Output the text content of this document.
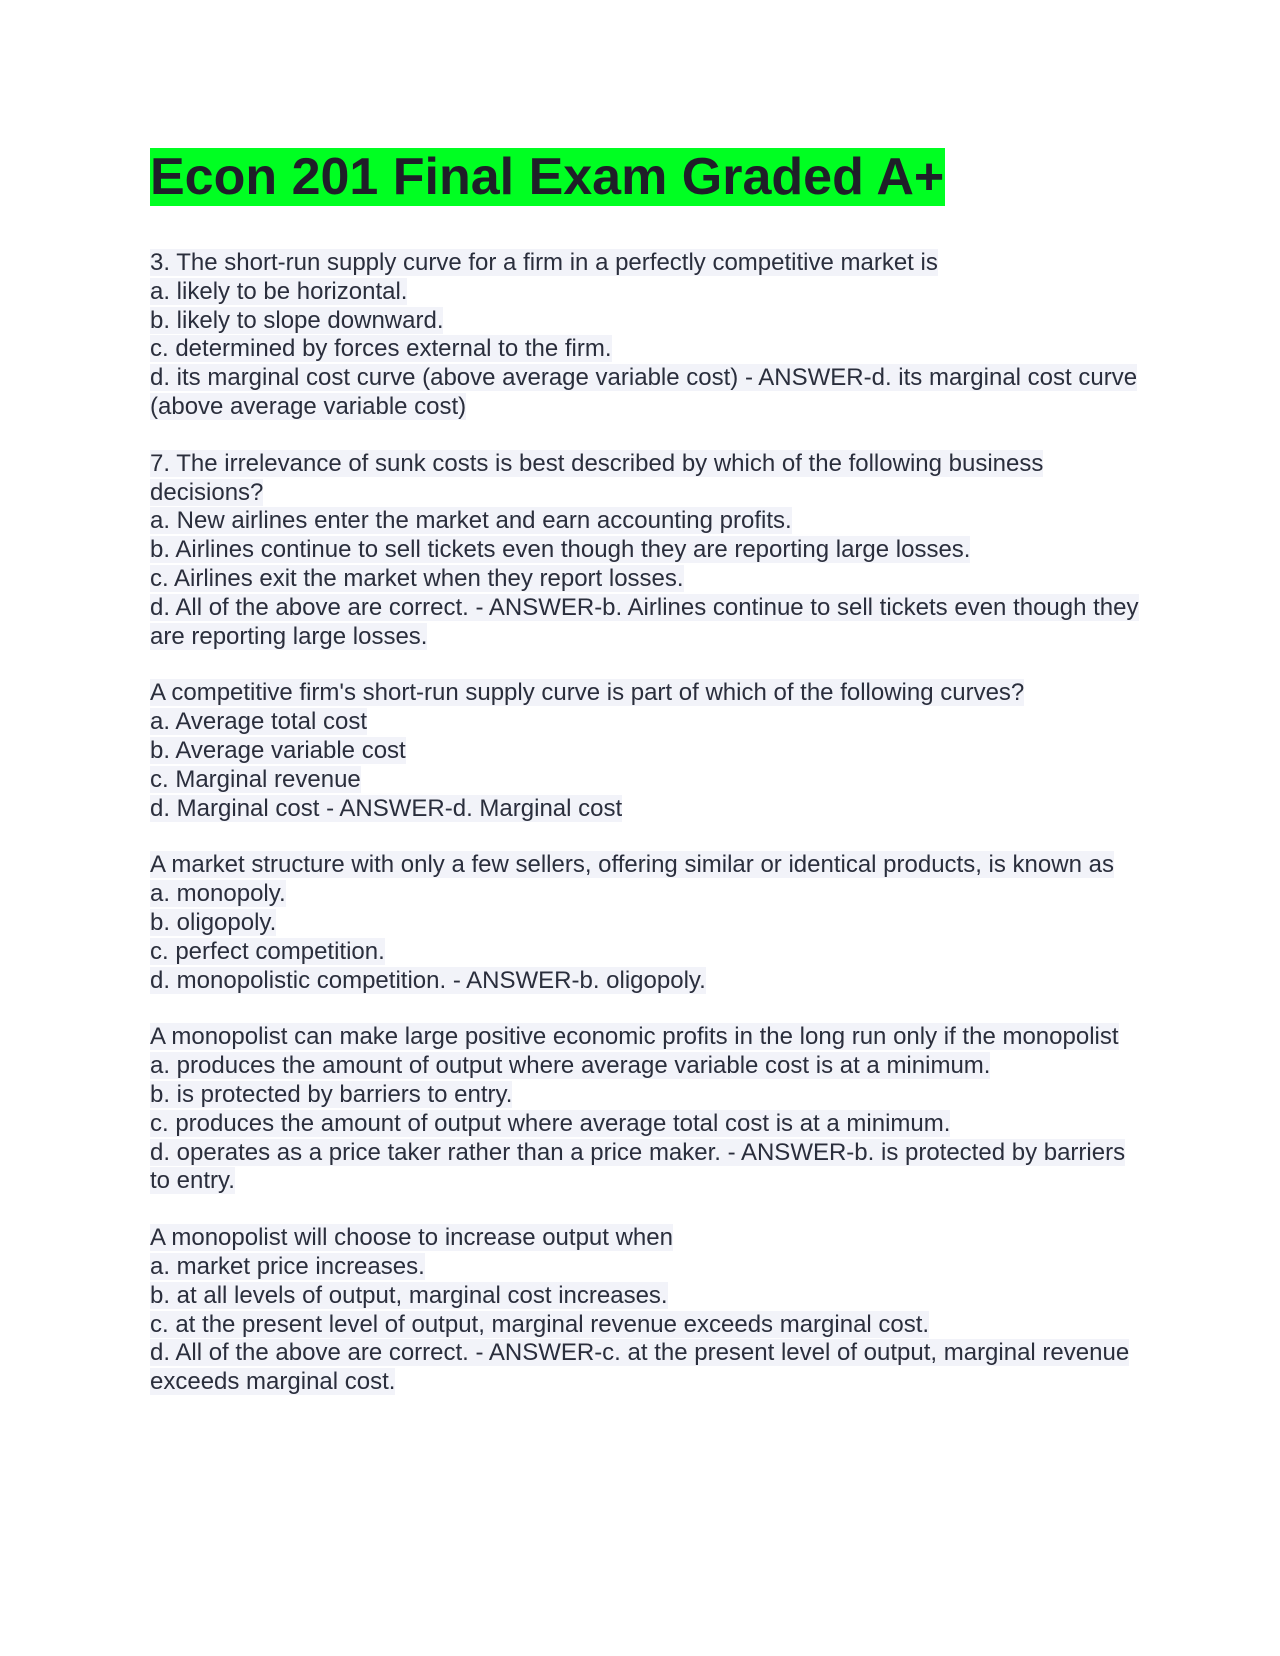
Econ 201 Final Exam Graded A+
3. The short-run supply curve for a firm in a perfectly competitive market is
a. likely to be horizontal.
b. likely to slope downward.
c. determined by forces external to the firm.
d. its marginal cost curve (above average variable cost) - ANSWER-d. its marginal cost curve (above average variable cost)
7. The irrelevance of sunk costs is best described by which of the following business decisions?
a. New airlines enter the market and earn accounting profits.
b. Airlines continue to sell tickets even though they are reporting large losses.
c. Airlines exit the market when they report losses.
d. All of the above are correct. - ANSWER-b. Airlines continue to sell tickets even though they are reporting large losses.
A competitive firm's short-run supply curve is part of which of the following curves?
a. Average total cost
b. Average variable cost
c. Marginal revenue
d. Marginal cost - ANSWER-d. Marginal cost
A market structure with only a few sellers, offering similar or identical products, is known as
a. monopoly.
b. oligopoly.
c. perfect competition.
d. monopolistic competition. - ANSWER-b. oligopoly.
A monopolist can make large positive economic profits in the long run only if the monopolist
a. produces the amount of output where average variable cost is at a minimum.
b. is protected by barriers to entry.
c. produces the amount of output where average total cost is at a minimum.
d. operates as a price taker rather than a price maker. - ANSWER-b. is protected by barriers to entry.
A monopolist will choose to increase output when
a. market price increases.
b. at all levels of output, marginal cost increases.
c. at the present level of output, marginal revenue exceeds marginal cost.
d. All of the above are correct. - ANSWER-c. at the present level of output, marginal revenue exceeds marginal cost.
